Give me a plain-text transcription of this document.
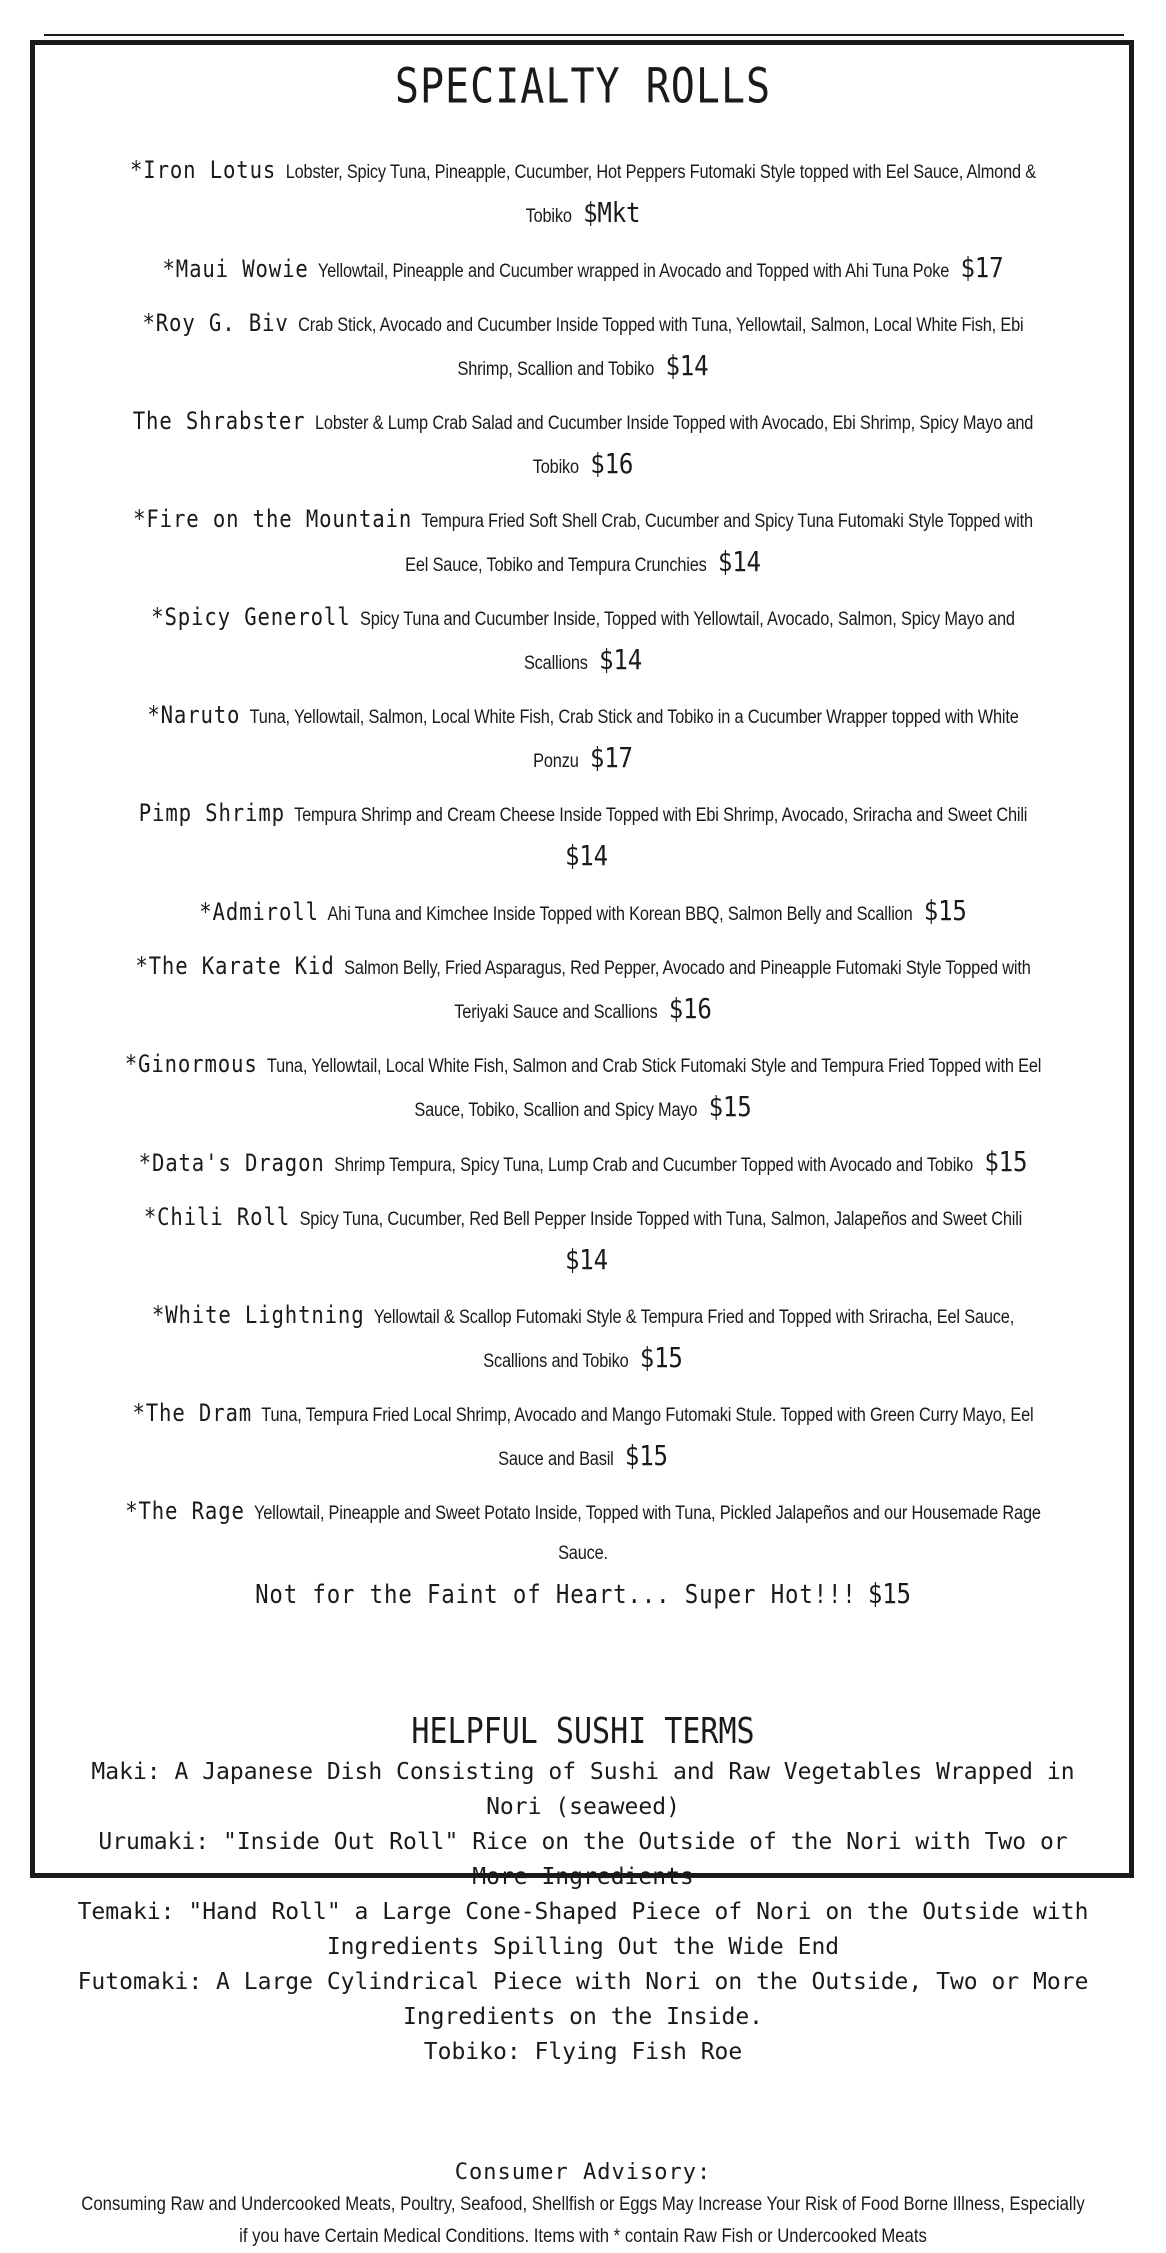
SPECIALTY ROLLS
*Iron Lotus Lobster, Spicy Tuna, Pineapple, Cucumber, Hot Peppers Futomaki Style topped with Eel Sauce, Almond & Tobiko $Mkt
*Maui Wowie Yellowtail, Pineapple and Cucumber wrapped in Avocado and Topped with Ahi Tuna Poke $17
*Roy G. Biv Crab Stick, Avocado and Cucumber Inside Topped with Tuna, Yellowtail, Salmon, Local White Fish, Ebi Shrimp, Scallion and Tobiko $14
The Shrabster Lobster & Lump Crab Salad and Cucumber Inside Topped with Avocado, Ebi Shrimp, Spicy Mayo and Tobiko $16
*Fire on the Mountain Tempura Fried Soft Shell Crab, Cucumber and Spicy Tuna Futomaki Style Topped with Eel Sauce, Tobiko and Tempura Crunchies $14
*Spicy Generoll Spicy Tuna and Cucumber Inside, Topped with Yellowtail, Avocado, Salmon, Spicy Mayo and Scallions $14
*Naruto Tuna, Yellowtail, Salmon, Local White Fish, Crab Stick and Tobiko in a Cucumber Wrapper topped with White Ponzu $17
Pimp Shrimp Tempura Shrimp and Cream Cheese Inside Topped with Ebi Shrimp, Avocado, Sriracha and Sweet Chili $14
*Admiroll Ahi Tuna and Kimchee Inside Topped with Korean BBQ, Salmon Belly and Scallion $15
*The Karate Kid Salmon Belly, Fried Asparagus, Red Pepper, Avocado and Pineapple Futomaki Style Topped with Teriyaki Sauce and Scallions $16
*Ginormous Tuna, Yellowtail, Local White Fish, Salmon and Crab Stick Futomaki Style and Tempura Fried Topped with Eel Sauce, Tobiko, Scallion and Spicy Mayo $15
*Data's Dragon Shrimp Tempura, Spicy Tuna, Lump Crab and Cucumber Topped with Avocado and Tobiko $15
*Chili Roll Spicy Tuna, Cucumber, Red Bell Pepper Inside Topped with Tuna, Salmon, Jalapeños and Sweet Chili $14
*White Lightning Yellowtail & Scallop Futomaki Style & Tempura Fried and Topped with Sriracha, Eel Sauce, Scallions and Tobiko $15
*The Dram Tuna, Tempura Fried Local Shrimp, Avocado and Mango Futomaki Stule. Topped with Green Curry Mayo, Eel Sauce and Basil $15
*The Rage Yellowtail, Pineapple and Sweet Potato Inside, Topped with Tuna, Pickled Jalapeños and our Housemade Rage Sauce.
Not for the Faint of Heart... Super Hot!!! $15
HELPFUL SUSHI TERMS
Maki: A Japanese Dish Consisting of Sushi and Raw Vegetables Wrapped in Nori (seaweed)
Urumaki: "Inside Out Roll" Rice on the Outside of the Nori with Two or More Ingredients
Temaki: "Hand Roll" a Large Cone-Shaped Piece of Nori on the Outside with Ingredients Spilling Out the Wide End
Futomaki: A Large Cylindrical Piece with Nori on the Outside, Two or More Ingredients on the Inside.
Tobiko: Flying Fish Roe
Consumer Advisory:
Consuming Raw and Undercooked Meats, Poultry, Seafood, Shellfish or Eggs May Increase Your Risk of Food Borne Illness, Especially if you have Certain Medical Conditions. Items with * contain Raw Fish or Undercooked Meats
